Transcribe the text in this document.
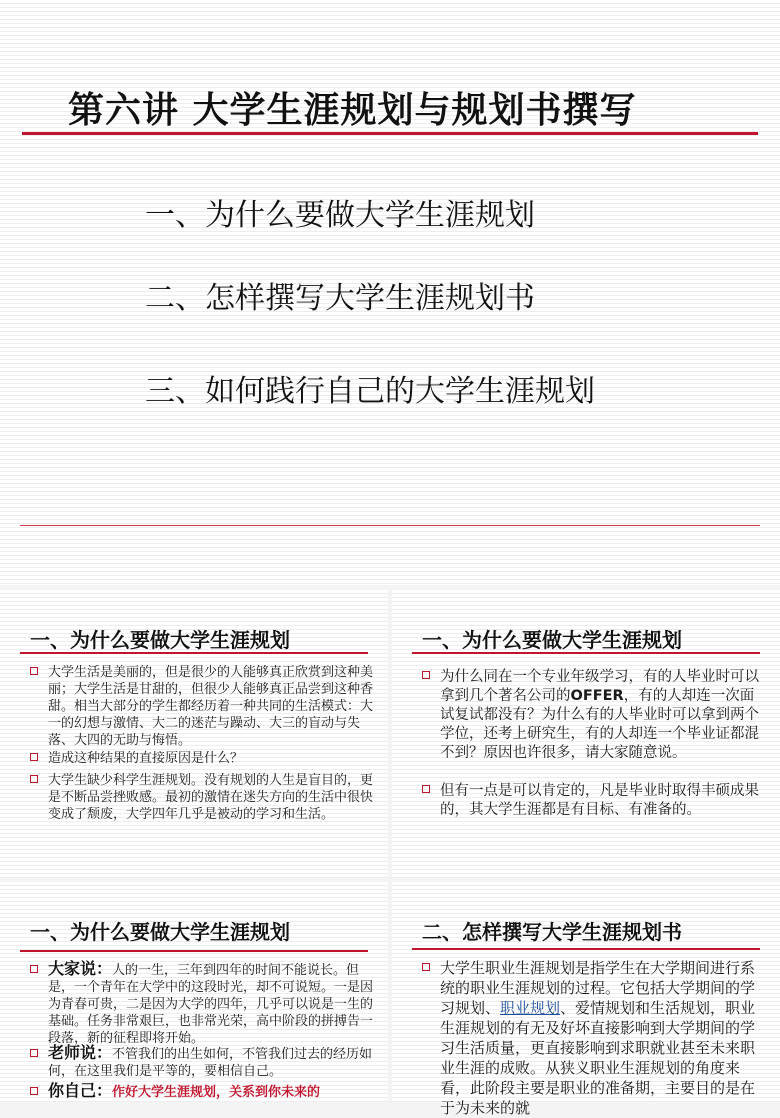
第六讲 大学生涯规划与规划书撰写

一、为什么要做大学生涯规划

二、怎样撰写大学生涯规划书

三、如何践行自己的大学生涯规划

一、为什么要做大学生涯规划
大学生活是美丽的，但是很少的人能够真正欣赏到这种美丽；大学生活是甘甜的，但很少人能够真正品尝到这种香甜。相当大部分的学生都经历着一种共同的生活模式：大一的幻想与激情、大二的迷茫与躁动、大三的盲动与失落、大四的无助与悔悟。
造成这种结果的直接原因是什么？
大学生缺少科学生涯规划。没有规划的人生是盲目的，更是不断品尝挫败感。最初的激情在迷失方向的生活中很快变成了颓废，大学四年几乎是被动的学习和生活。
一、为什么要做大学生涯规划
为什么同在一个专业年级学习，有的人毕业时可以拿到几个著名公司的OFFER，有的人却连一次面试复试都没有？为什么有的人毕业时可以拿到两个学位，还考上研究生，有的人却连一个毕业证都混不到？原因也许很多，请大家随意说。
但有一点是可以肯定的，凡是毕业时取得丰硕成果的，其大学生涯都是有目标、有准备的。
一、为什么要做大学生涯规划
大家说：人的一生，三年到四年的时间不能说长。但是，一个青年在大学中的这段时光，却不可说短。一是因为青春可贵，二是因为大学的四年，几乎可以说是一生的基础。任务非常艰巨，也非常光荣，高中阶段的拼搏告一段落，新的征程即将开始。
老师说：不管我们的出生如何，不管我们过去的经历如何，在这里我们是平等的，要相信自己。
你自己：作好大学生涯规划，关系到你未来的
二、怎样撰写大学生涯规划书
大学生职业生涯规划是指学生在大学期间进行系统的职业生涯规划的过程。它包括大学期间的学习规划、职业规划、爱情规划和生活规划，职业生涯规划的有无及好坏直接影响到大学期间的学习生活质量，更直接影响到求职就业甚至未来职业生涯的成败。从狭义职业生涯规划的角度来看，此阶段主要是职业的准备期，主要目的是在于为未来的就
